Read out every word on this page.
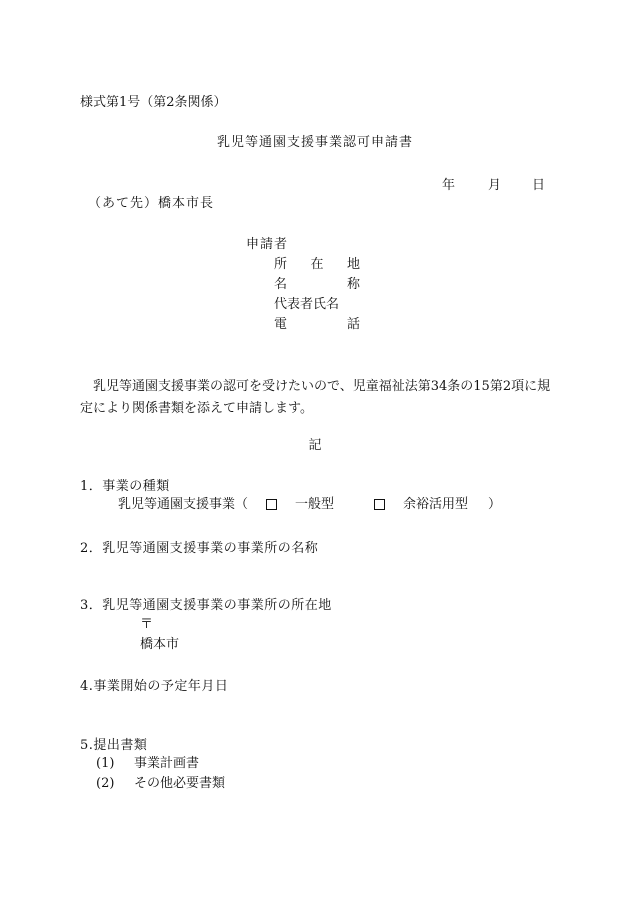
様式第1号（第2条関係）
乳児等通園支援事業認可申請書
年	月 日
（あて先）橋本市長
申請者
所 在 地
名	称
代表者氏名
電	話
乳児等通園支援事業の認可を受けたいので、児童福祉法第34条の15第2項に規定により関係書類を添えて申請します。
記
1．事業の種類
乳児等通園支援事業（	一般型	余裕活用型 ）
2．乳児等通園支援事業の事業所の名称
3．乳児等通園支援事業の事業所の所在地
〒
橋本市
4.事業開始の予定年月日
5.提出書類
(1) 事業計画書
(2) その他必要書類
